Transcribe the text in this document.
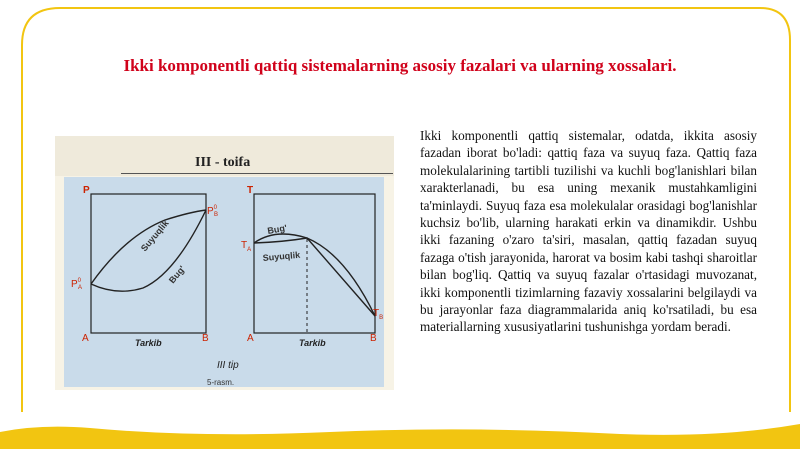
Ikki komponentli qattiq sistemalarning asosiy fazalari va ularning xossalari.
III - toifa
P
$P^0$ A
$P^0$ B
A	B
Tarkib
Suyuqlik
Bug'
T
$T_A$
$T_B$
A	B
Tarkib
Bug'
Suyuqlik
III tip
5-rasm.
Ikki komponentli qattiq sistemalar, odatda, ikkita asosiy fazadan iborat bo'ladi: qattiq faza va suyuq faza. Qattiq faza molekulalarining tartibli tuzilishi va kuchli bog'lanishlari bilan xarakterlanadi, bu esa uning mexanik mustahkamligini ta'minlaydi. Suyuq faza esa molekulalar orasidagi bog'lanishlar kuchsiz bo'lib, ularning harakati erkin va dinamikdir. Ushbu ikki fazaning o'zaro ta'siri, masalan, qattiq fazadan suyuq fazaga o'tish jarayonida, harorat va bosim kabi tashqi sharoitlar bilan bog'liq. Qattiq va suyuq fazalar o'rtasidagi muvozanat, ikki komponentli tizimlarning fazaviy xossalarini belgilaydi va bu jarayonlar faza diagrammalarida aniq ko'rsatiladi, bu esa materiallarning xususiyatlarini tushunishga yordam beradi.
